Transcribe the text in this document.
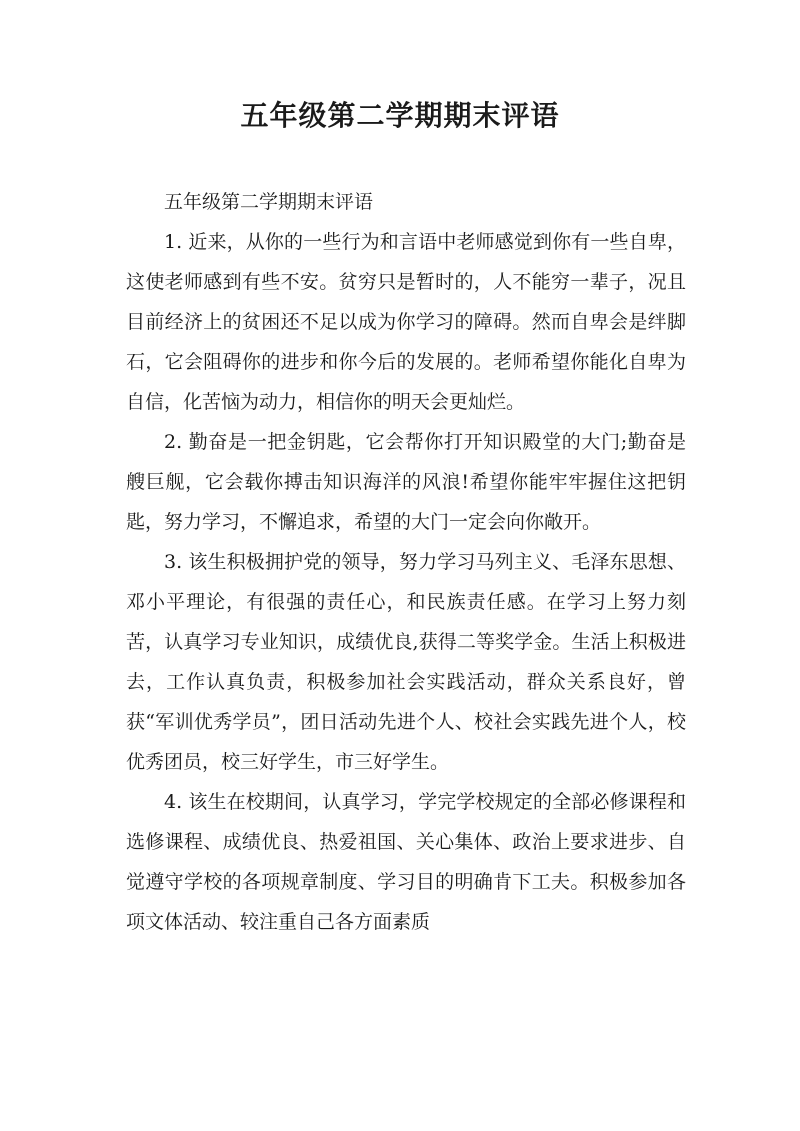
五年级第二学期期末评语

五年级第二学期期末评语

1. 近来，从你的一些行为和言语中老师感觉到你有一些自卑，这使老师感到有些不安。贫穷只是暂时的，人不能穷一辈子，况且目前经济上的贫困还不足以成为你学习的障碍。然而自卑会是绊脚石，它会阻碍你的进步和你今后的发展的。老师希望你能化自卑为自信，化苦恼为动力，相信你的明天会更灿烂。

2. 勤奋是一把金钥匙，它会帮你打开知识殿堂的大门;勤奋是艘巨舰，它会载你搏击知识海洋的风浪!希望你能牢牢握住这把钥匙，努力学习，不懈追求，希望的大门一定会向你敞开。

3. 该生积极拥护党的领导，努力学习马列主义、毛泽东思想、邓小平理论，有很强的责任心，和民族责任感。在学习上努力刻苦，认真学习专业知识，成绩优良,获得二等奖学金。生活上积极进去，工作认真负责，积极参加社会实践活动，群众关系良好，曾获“军训优秀学员”，团日活动先进个人、校社会实践先进个人，校优秀团员，校三好学生，市三好学生。

4. 该生在校期间，认真学习，学完学校规定的全部必修课程和选修课程、成绩优良、热爱祖国、关心集体、政治上要求进步、自觉遵守学校的各项规章制度、学习目的明确肯下工夫。积极参加各项文体活动、较注重自己各方面素质
